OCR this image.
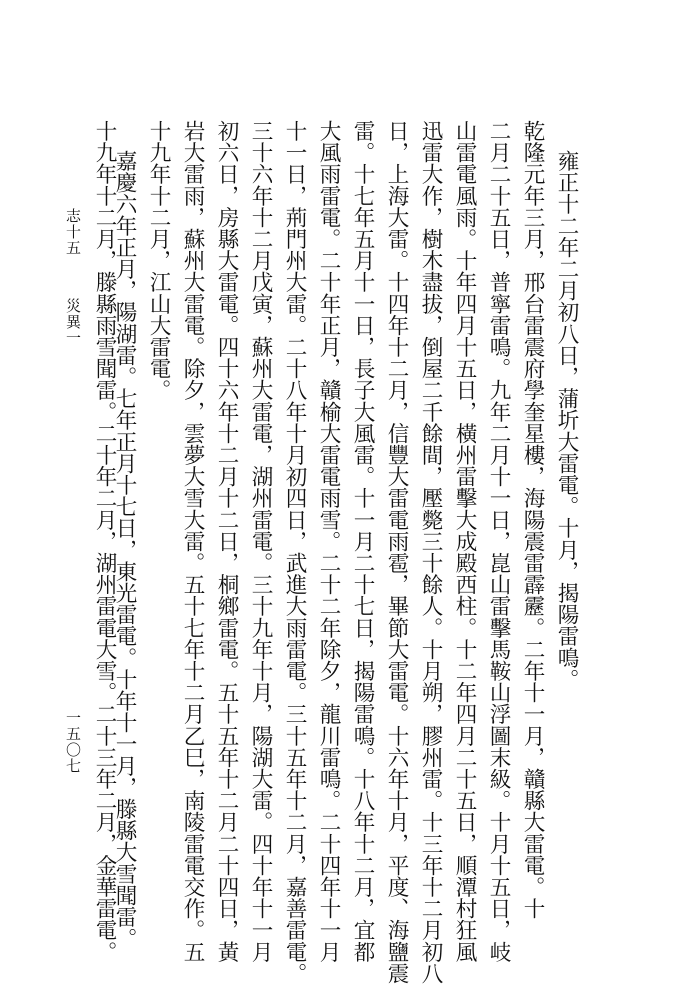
志十五
災異一
一五〇七
雍正十二年二月初八日，蒲圻大雷電。十月，揭陽雷鳴。
乾隆元年三月，邢台雷震府學奎星樓，海陽震雷霹靂。二年十一月，贛縣大雷電。十
二月二十五日，普寧雷鳴。九年二月十一日，崑山雷擊馬鞍山浮圖末級。十月十五日，岐
山雷電風雨。十年四月十五日，橫州雷擊大成殿西柱。十二年四月二十五日，順潭村狂風
迅雷大作，樹木盡拔，倒屋二千餘間，壓斃三十餘人。十月朔，膠州雷。十三年十二月初八
日，上海大雷。十四年十二月，信豐大雷電雨雹，畢節大雷電。十六年十月，平度、海鹽震
雷。十七年五月十一日，長子大風雷。十一月二十七日，揭陽雷鳴。十八年十二月，宜都
大風雨雷電。二十年正月，贛榆大雷電雨雪。二十二年除夕，龍川雷鳴。二十四年十一月
十一日，荊門州大雷。二十八年十月初四日，武進大雨雷電。三十五年十二月，嘉善雷電。
三十六年十二月戊寅，蘇州大雷電，湖州雷電。三十九年十月，陽湖大雷。四十年十一月
初六日，房縣大雷電。四十六年十二月十二日，桐鄉雷電。五十五年十二月二十四日，黃
岩大雷雨，蘇州大雷電。除夕，雲夢大雪大雷。五十七年十二月乙巳，南陵雷電交作。五
十九年十二月，江山大雷電。
嘉慶六年正月，陽湖雷。七年正月十七日，東光雷電。十年十一月，滕縣大雪聞雷。
十九年十二月，滕縣雨雪聞雷。二十年二月，湖州雷電大雪。二十三年二月，金華雷電。
